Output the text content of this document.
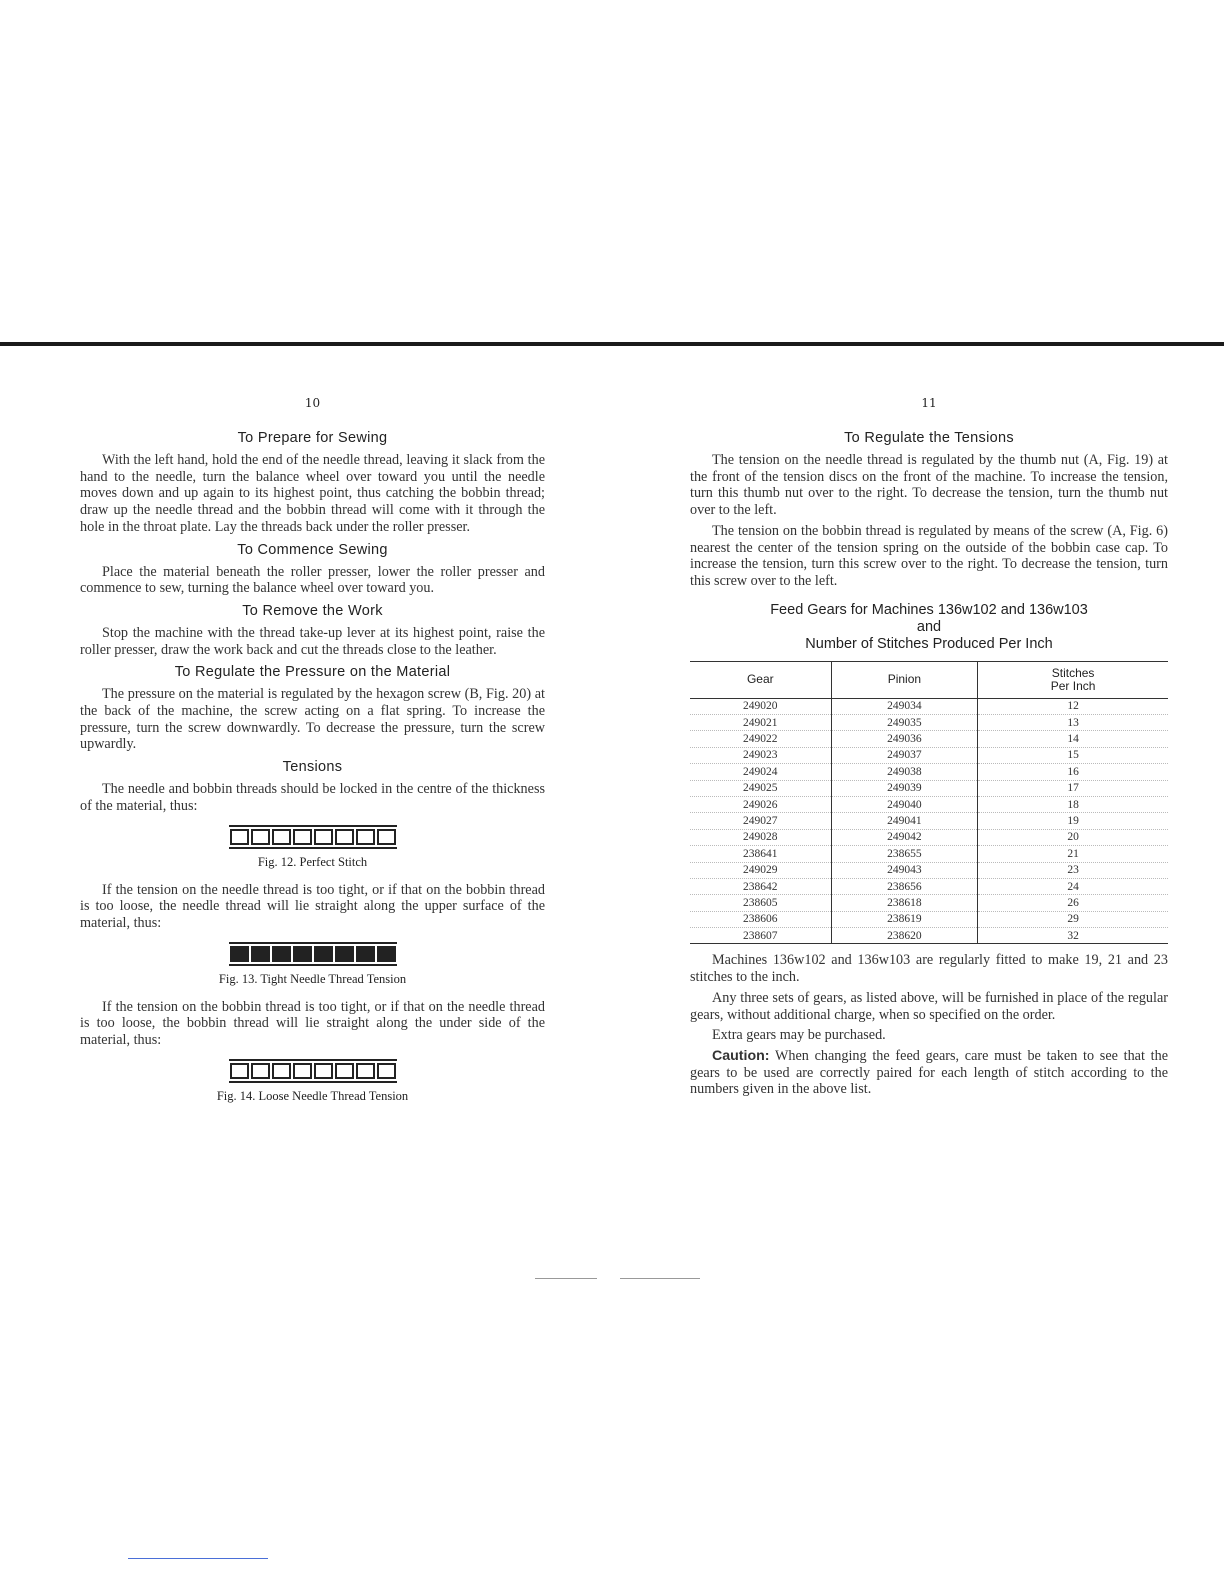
10
To Prepare for Sewing

With the left hand, hold the end of the needle thread, leaving it slack from the hand to the needle, turn the balance wheel over toward you until the needle moves down and up again to its highest point, thus catching the bobbin thread; draw up the needle thread and the bobbin thread will come with it through the hole in the throat plate. Lay the threads back under the roller presser.

To Commence Sewing

Place the material beneath the roller presser, lower the roller presser and commence to sew, turning the balance wheel over toward you.

To Remove the Work

Stop the machine with the thread take-up lever at its highest point, raise the roller presser, draw the work back and cut the threads close to the leather.

To Regulate the Pressure on the Material

The pressure on the material is regulated by the hexagon screw (B, Fig. 20) at the back of the machine, the screw acting on a flat spring. To increase the pressure, turn the screw downwardly. To decrease the pressure, turn the screw upwardly.

Tensions

The needle and bobbin threads should be locked in the centre of the thickness of the material, thus:

Fig. 12. Perfect Stitch

If the tension on the needle thread is too tight, or if that on the bobbin thread is too loose, the needle thread will lie straight along the upper surface of the material, thus:

Fig. 13. Tight Needle Thread Tension

If the tension on the bobbin thread is too tight, or if that on the needle thread is too loose, the bobbin thread will lie straight along the under side of the material, thus:

Fig. 14. Loose Needle Thread Tension
11
To Regulate the Tensions

The tension on the needle thread is regulated by the thumb nut (A, Fig. 19) at the front of the tension discs on the front of the machine. To increase the tension, turn this thumb nut over to the right. To decrease the tension, turn the thumb nut over to the left.

The tension on the bobbin thread is regulated by means of the screw (A, Fig. 6) nearest the center of the tension spring on the outside of the bobbin case cap. To increase the tension, turn this screw over to the right. To decrease the tension, turn this screw over to the left.

Feed Gears for Machines 136w102 and 136w103
and
Number of Stitches Produced Per Inch
Gear	Pinion	Stitches
Per Inch

249020	249034	12
249021	249035	13
249022	249036	14
249023	249037	15
249024	249038	16
249025	249039	17
249026	249040	18
249027	249041	19
249028	249042	20
238641	238655	21
249029	249043	23
238642	238656	24
238605	238618	26
238606	238619	29
238607	238620	32

Machines 136w102 and 136w103 are regularly fitted to make 19, 21 and 23 stitches to the inch.

Any three sets of gears, as listed above, will be furnished in place of the regular gears, without additional charge, when so specified on the order.

Extra gears may be purchased.

Caution: When changing the feed gears, care must be taken to see that the gears to be used are correctly paired for each length of stitch according to the numbers given in the above list.
